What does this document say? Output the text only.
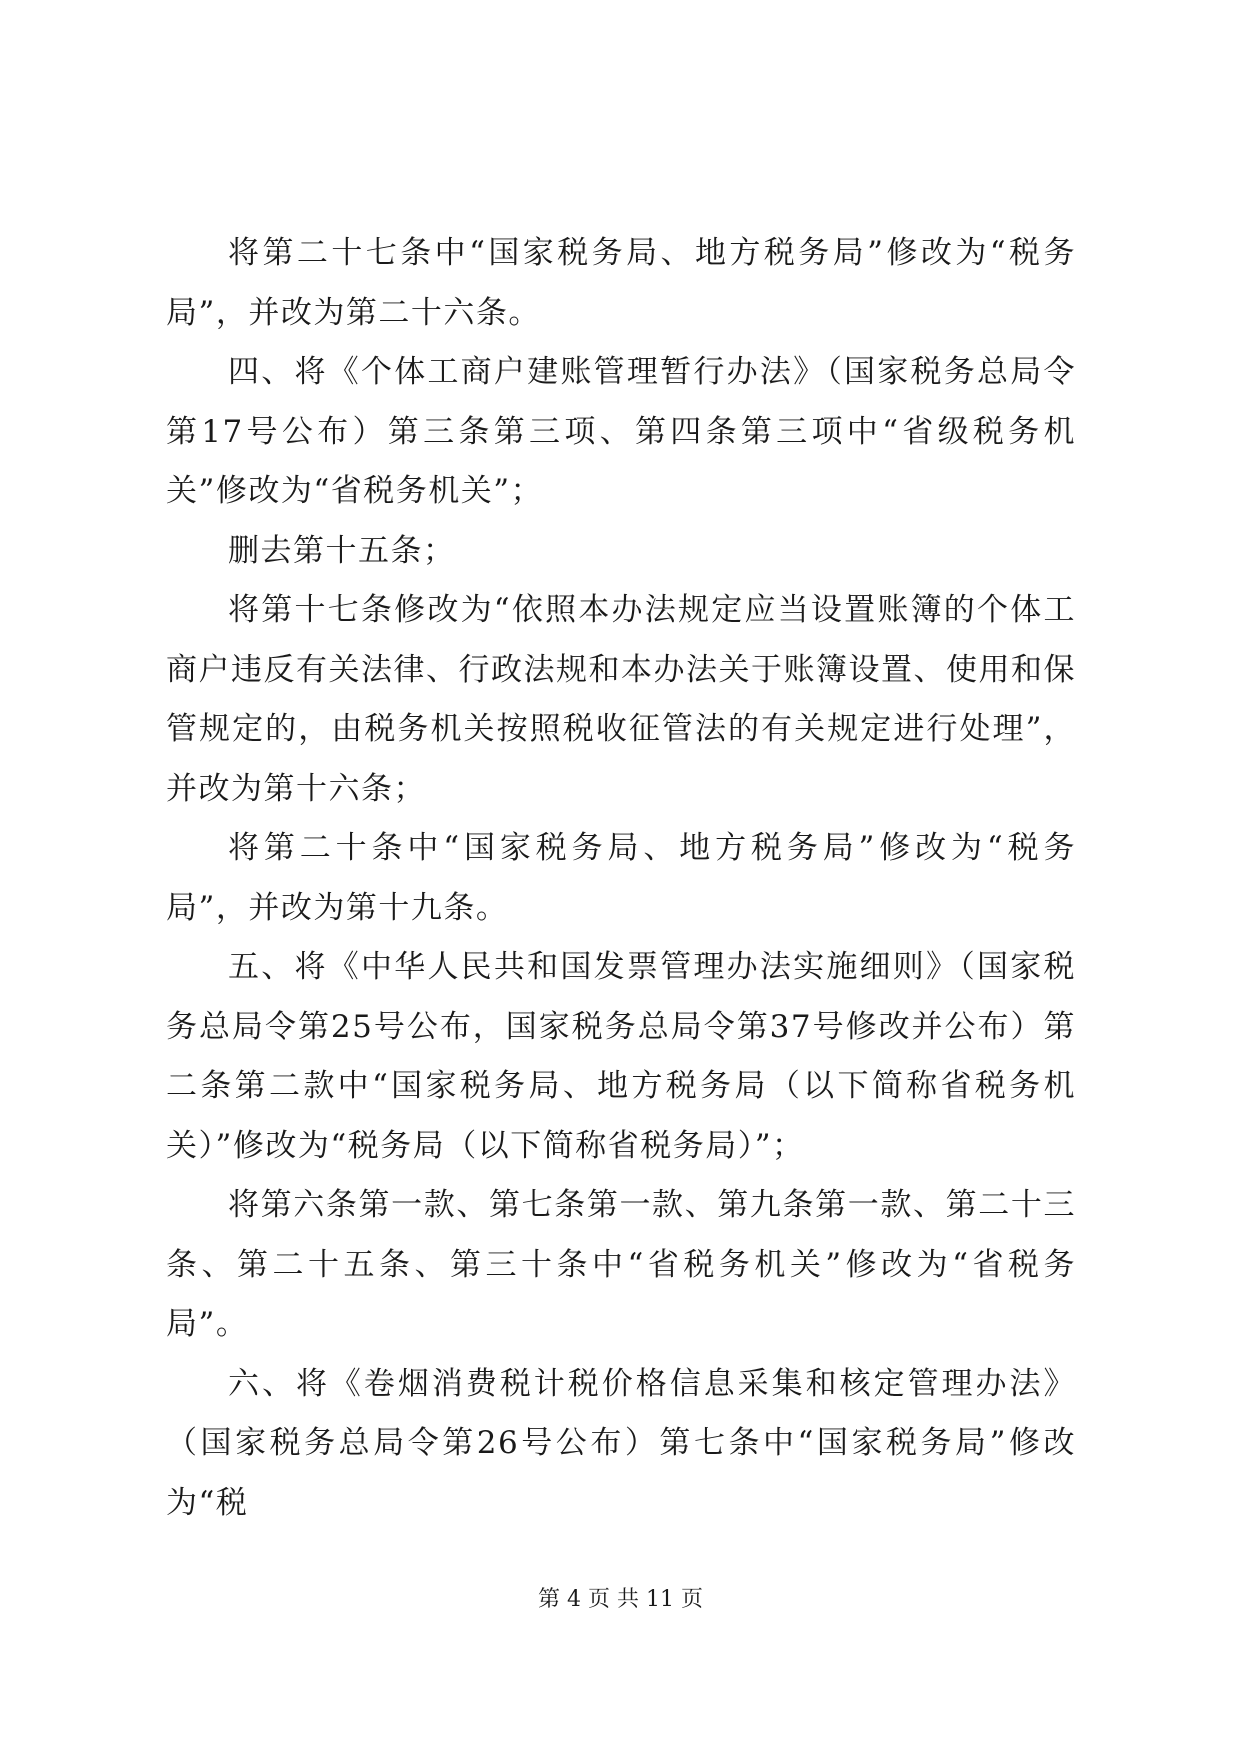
将第二十七条中“国家税务局、地方税务局”修改为“税务局”，并改为第二十六条。

四、将《个体工商户建账管理暂行办法》（国家税务总局令第17号公布）第三条第三项、第四条第三项中“省级税务机关”修改为“省税务机关”；

删去第十五条；

将第十七条修改为“依照本办法规定应当设置账簿的个体工商户违反有关法律、行政法规和本办法关于账簿设置、使用和保管规定的，由税务机关按照税收征管法的有关规定进行处理”，并改为第十六条；

将第二十条中“国家税务局、地方税务局”修改为“税务局”，并改为第十九条。

五、将《中华人民共和国发票管理办法实施细则》（国家税务总局令第25号公布，国家税务总局令第37号修改并公布）第二条第二款中“国家税务局、地方税务局（以下简称省税务机关）”修改为“税务局（以下简称省税务局）”；

将第六条第一款、第七条第一款、第九条第一款、第二十三条、第二十五条、第三十条中“省税务机关”修改为“省税务局”。

六、将《卷烟消费税计税价格信息采集和核定管理办法》（国家税务总局令第26号公布）第七条中“国家税务局”修改为“税

第 4 页 共 11 页
